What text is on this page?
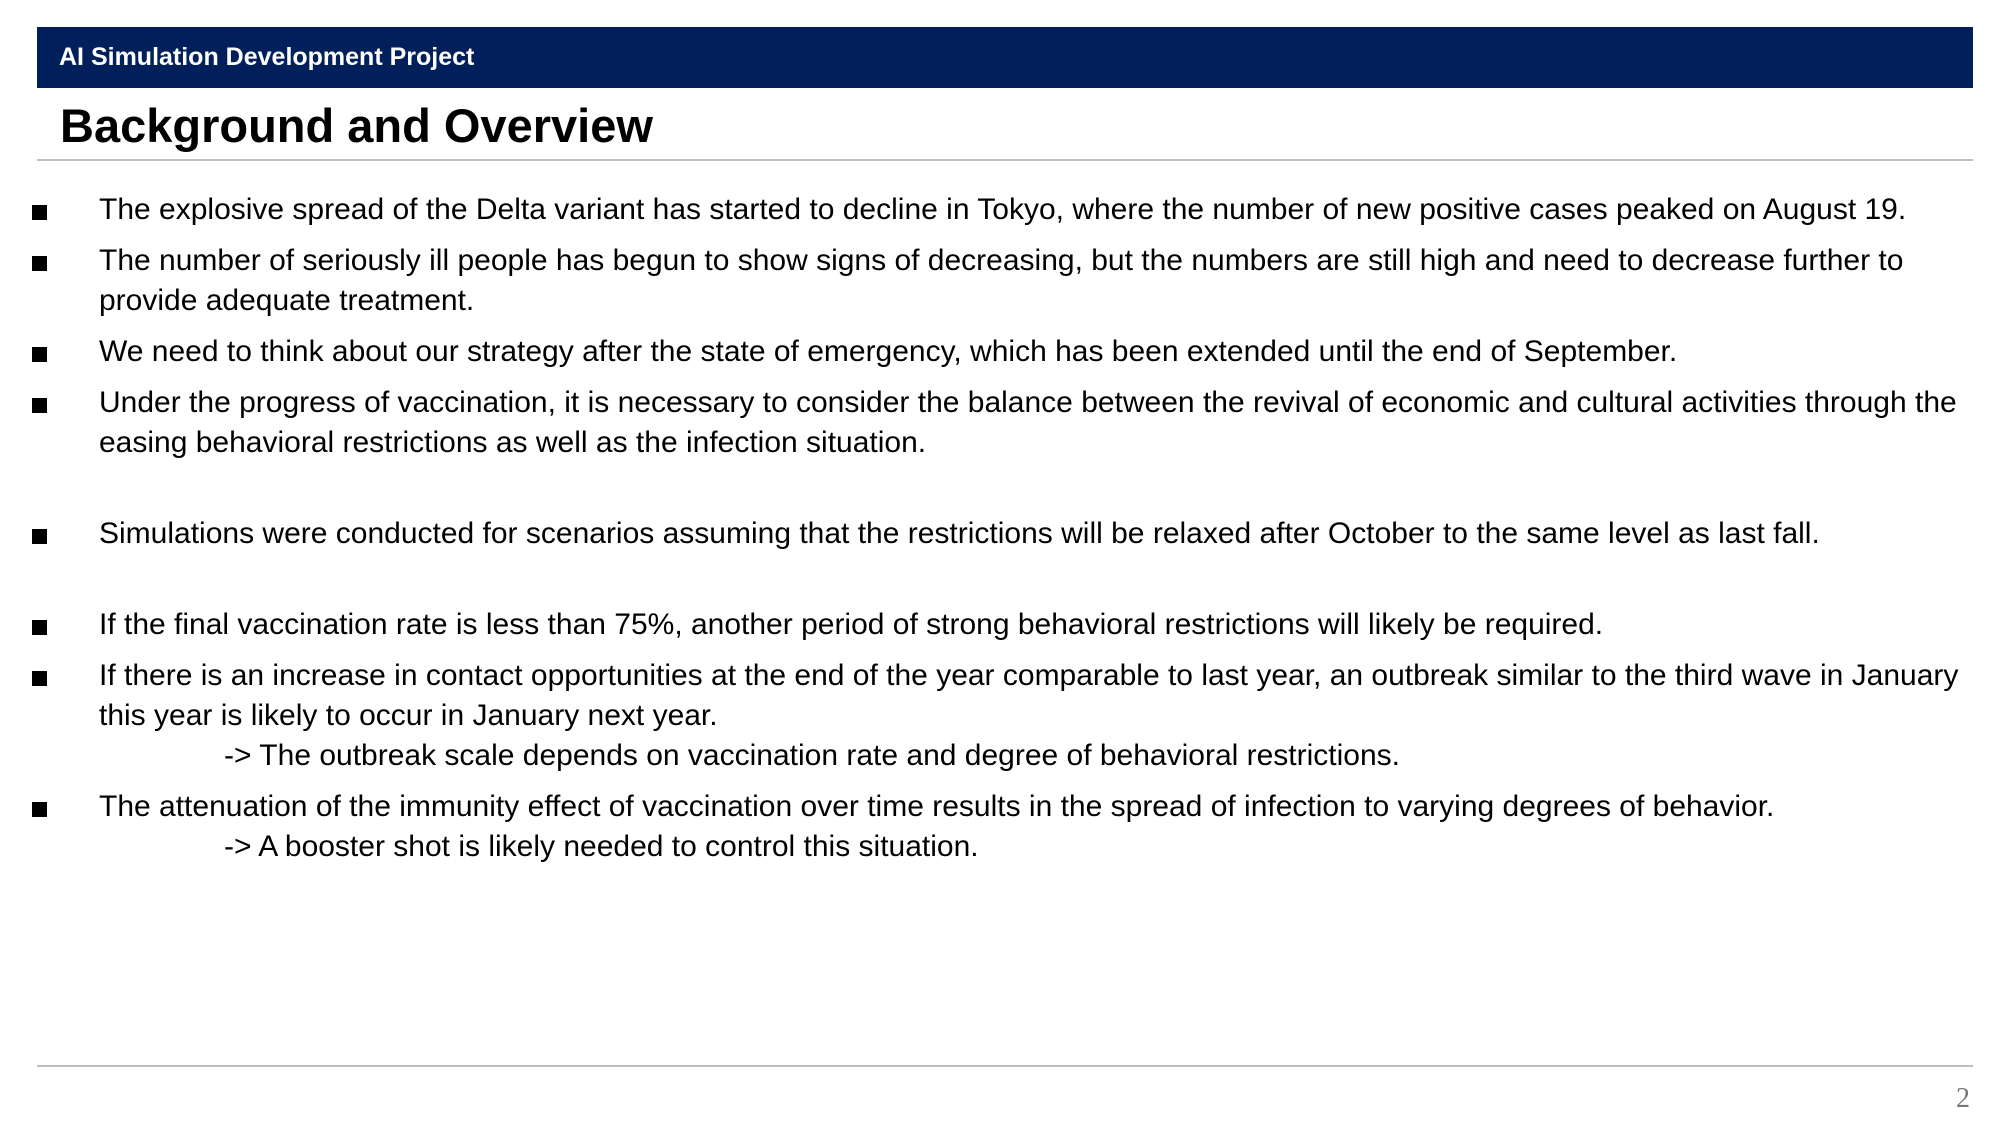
AI Simulation Development Project
Background and Overview
The explosive spread of the Delta variant has started to decline in Tokyo, where the number of new positive cases peaked on August 19.
The number of seriously ill people has begun to show signs of decreasing, but the numbers are still high and need to decrease further to provide adequate treatment.
We need to think about our strategy after the state of emergency, which has been extended until the end of September.
Under the progress of vaccination, it is necessary to consider the balance between the revival of economic and cultural activities through the easing behavioral restrictions as well as the infection situation.
Simulations were conducted for scenarios assuming that the restrictions will be relaxed after October to the same level as last fall.
If the final vaccination rate is less than 75%, another period of strong behavioral restrictions will likely be required.
If there is an increase in contact opportunities at the end of the year comparable to last year, an outbreak similar to the third wave in January this year is likely to occur in January next year.
-> The outbreak scale depends on vaccination rate and degree of behavioral restrictions.
The attenuation of the immunity effect of vaccination over time results in the spread of infection to varying degrees of behavior.
-> A booster shot is likely needed to control this situation.
2
